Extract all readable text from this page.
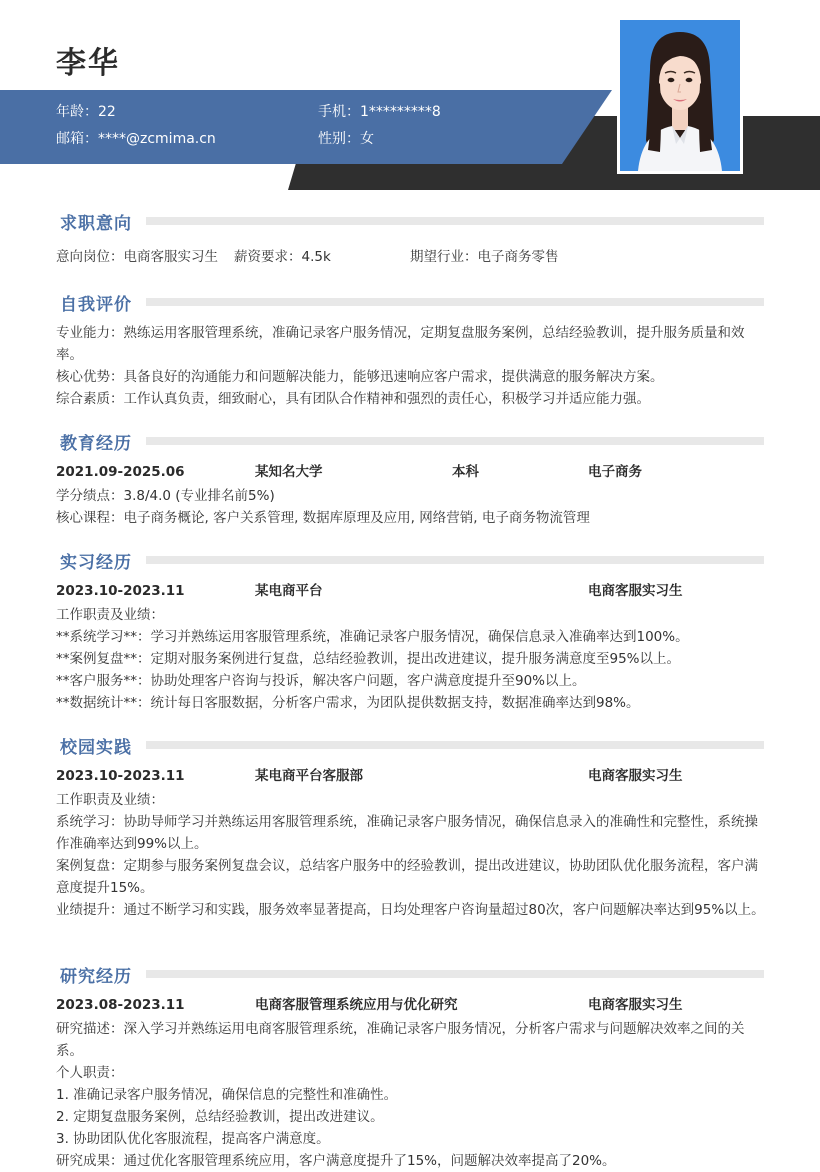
李华
年龄：22	手机：1*********8
邮箱：****@zcmima.cn	性别：女
求职意向
意向岗位：电商客服实习生 薪资要求：4.5k	期望行业：电子商务零售
自我评价
专业能力：熟练运用客服管理系统，准确记录客户服务情况，定期复盘服务案例，总结经验教训，提升服务质量和效率。
核心优势：具备良好的沟通能力和问题解决能力，能够迅速响应客户需求，提供满意的服务解决方案。
综合素质：工作认真负责，细致耐心，具有团队合作精神和强烈的责任心，积极学习并适应能力强。
教育经历
2021.09-2025.06	某知名大学	本科	电子商务
学分绩点：3.8/4.0 (专业排名前5%)
核心课程：电子商务概论, 客户关系管理, 数据库原理及应用, 网络营销, 电子商务物流管理
实习经历
2023.10-2023.11	某电商平台	电商客服实习生
工作职责及业绩：
**系统学习**：学习并熟练运用客服管理系统，准确记录客户服务情况，确保信息录入准确率达到100%。
**案例复盘**：定期对服务案例进行复盘，总结经验教训，提出改进建议，提升服务满意度至95%以上。
**客户服务**：协助处理客户咨询与投诉，解决客户问题，客户满意度提升至90%以上。
**数据统计**：统计每日客服数据，分析客户需求，为团队提供数据支持，数据准确率达到98%。
校园实践
2023.10-2023.11	某电商平台客服部	电商客服实习生
工作职责及业绩：
系统学习：协助导师学习并熟练运用客服管理系统，准确记录客户服务情况，确保信息录入的准确性和完整性，系统操作准确率达到99%以上。
案例复盘：定期参与服务案例复盘会议，总结客户服务中的经验教训，提出改进建议，协助团队优化服务流程，客户满意度提升15%。
业绩提升：通过不断学习和实践，服务效率显著提高，日均处理客户咨询量超过80次，客户问题解决率达到95%以上。
研究经历
2023.08-2023.11	电商客服管理系统应用与优化研究	电商客服实习生
研究描述：深入学习并熟练运用电商客服管理系统，准确记录客户服务情况，分析客户需求与问题解决效率之间的关系。
个人职责：
1. 准确记录客户服务情况，确保信息的完整性和准确性。
2. 定期复盘服务案例，总结经验教训，提出改进建议。
3. 协助团队优化客服流程，提高客户满意度。
研究成果：通过优化客服管理系统应用，客户满意度提升了15%，问题解决效率提高了20%。
